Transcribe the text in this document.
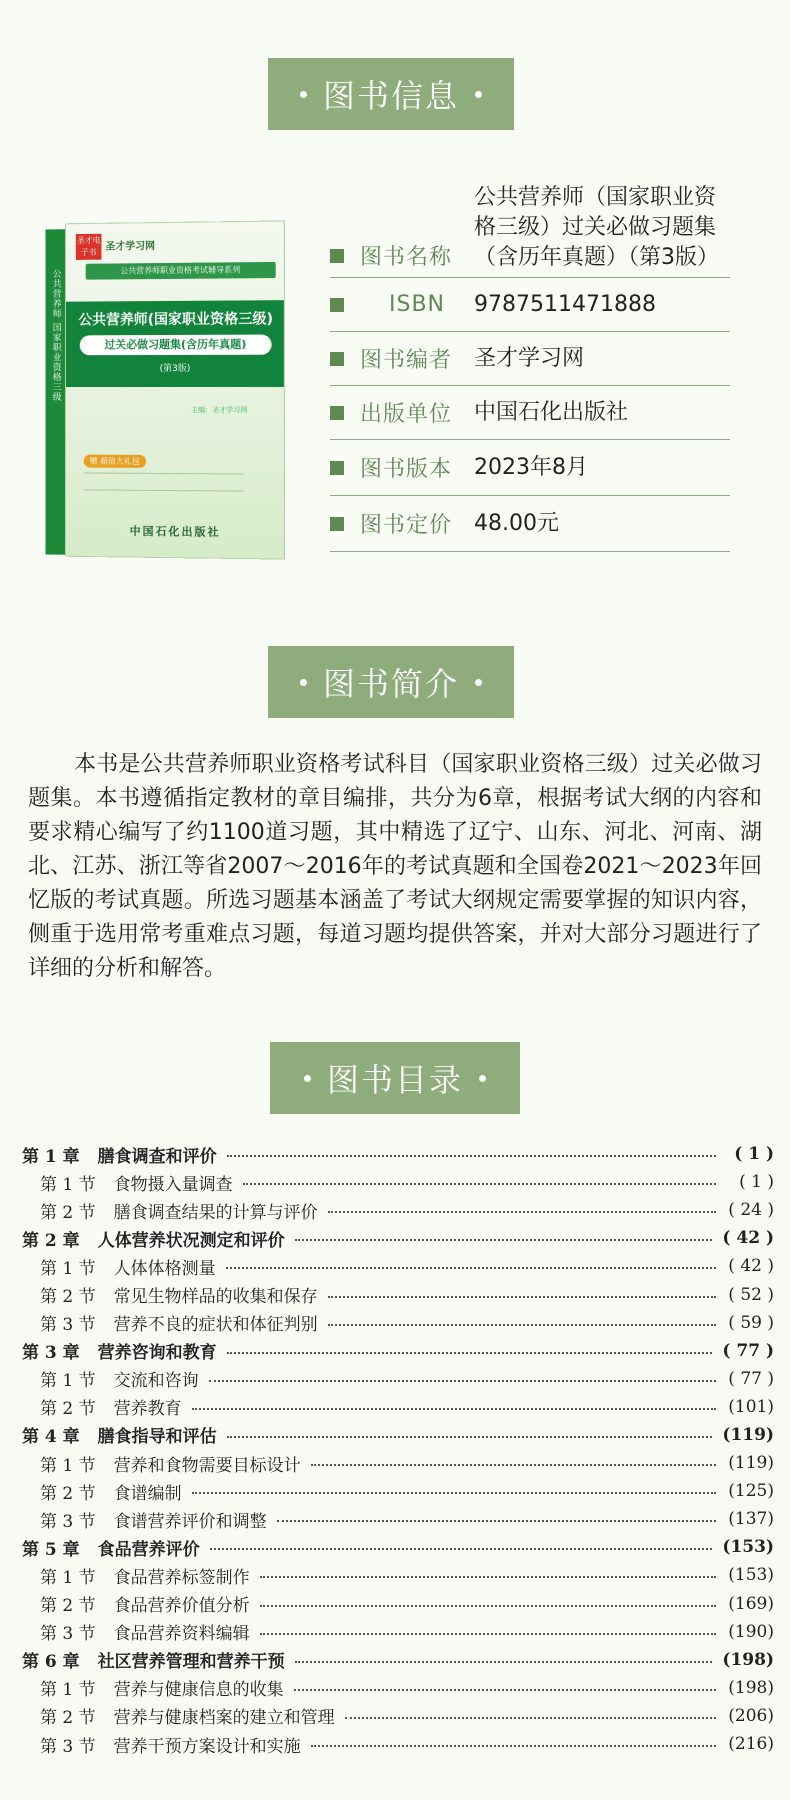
图书信息
公共营养师 国家职业资格三级
圣才电子书 圣才学习网
公共营养师职业资格考试辅导系列
公共营养师(国家职业资格三级)
过关必做习题集(含历年真题)
(第3版)
主编：圣才学习网
赠 超值大礼包
中国石化出版社
图书名称
公共营养师（国家职业资格三级）过关必做习题集（含历年真题）（第3版）
ISBN	9787511471888
图书编者 圣才学习网
出版单位 中国石化出版社
图书版本 2023年8月
图书定价 48.00元
图书简介

本书是公共营养师职业资格考试科目（国家职业资格三级）过关必做习题集。本书遵循指定教材的章目编排，共分为6章，根据考试大纲的内容和要求精心编写了约1100道习题，其中精选了辽宁、山东、河北、河南、湖北、江苏、浙江等省2007～2016年的考试真题和全国卷2021～2023年回忆版的考试真题。所选习题基本涵盖了考试大纲规定需要掌握的知识内容，侧重于选用常考重难点习题，每道习题均提供答案，并对大部分习题进行了详细的分析和解答。

图书目录
第 1 章 膳食调查和评价	( 1 )
第 1 节 食物摄入量调查	( 1 )
第 2 节 膳食调查结果的计算与评价	( 24 )
第 2 章 人体营养状况测定和评价	( 42 )
第 1 节 人体体格测量	( 42 )
第 2 节 常见生物样品的收集和保存	( 52 )
第 3 节 营养不良的症状和体征判别	( 59 )
第 3 章 营养咨询和教育	( 77 )
第 1 节 交流和咨询	( 77 )
第 2 节 营养教育	(101)
第 4 章 膳食指导和评估	(119)
第 1 节 营养和食物需要目标设计	(119)
第 2 节 食谱编制	(125)
第 3 节 食谱营养评价和调整	(137)
第 5 章 食品营养评价	(153)
第 1 节 食品营养标签制作	(153)
第 2 节 食品营养价值分析	(169)
第 3 节 食品营养资料编辑	(190)
第 6 章 社区营养管理和营养干预	(198)
第 1 节 营养与健康信息的收集	(198)
第 2 节 营养与健康档案的建立和管理	(206)
第 3 节 营养干预方案设计和实施	(216)
